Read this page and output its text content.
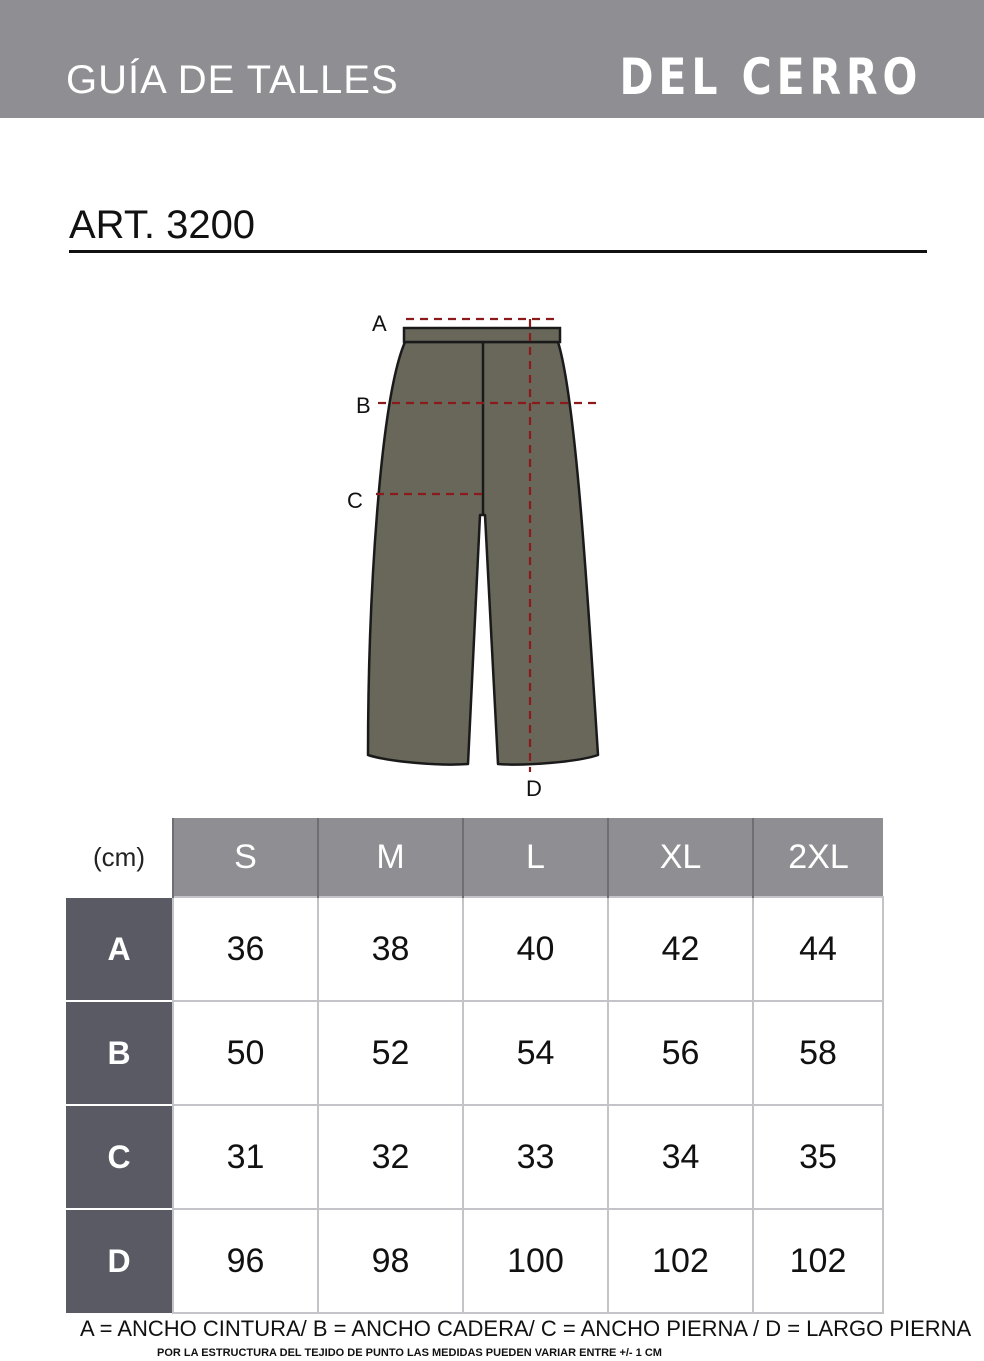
GUÍA DE TALLES	DEL CERRO
ART. 3200
A
B
C
D
(cm)	S	M	L	XL	2XL
A	36	38	40	42	44
B	50	52	54	56	58
C	31	32	33	34	35
D	96	98	100	102	102
A = ANCHO CINTURA/ B = ANCHO CADERA/ C = ANCHO PIERNA / D = LARGO PIERNA
POR LA ESTRUCTURA DEL TEJIDO DE PUNTO LAS MEDIDAS PUEDEN VARIAR ENTRE +/- 1 CM
